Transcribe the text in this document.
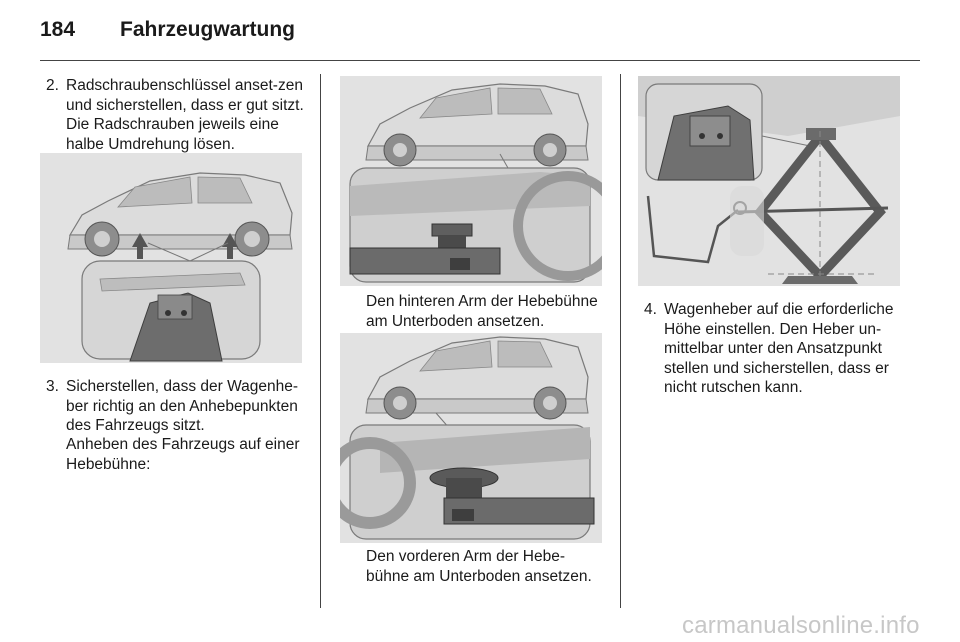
184 Fahrzeugwartung
2. Radschraubenschlüssel anset-zen und sicherstellen, dass er gut sitzt. Die Radschrauben jeweils eine halbe Umdrehung lösen.
3. Sicherstellen, dass der Wagenhe-ber richtig an den Anhebepunkten des Fahrzeugs sitzt.
Anheben des Fahrzeugs auf einer Hebebühne:
Den hinteren Arm der Hebebühne am Unterboden ansetzen.
Den vorderen Arm der Hebe-bühne am Unterboden ansetzen.
4. Wagenheber auf die erforderliche Höhe einstellen. Den Heber un-mittelbar unter den Ansatzpunkt stellen und sicherstellen, dass er nicht rutschen kann.
carmanualsonline.info
